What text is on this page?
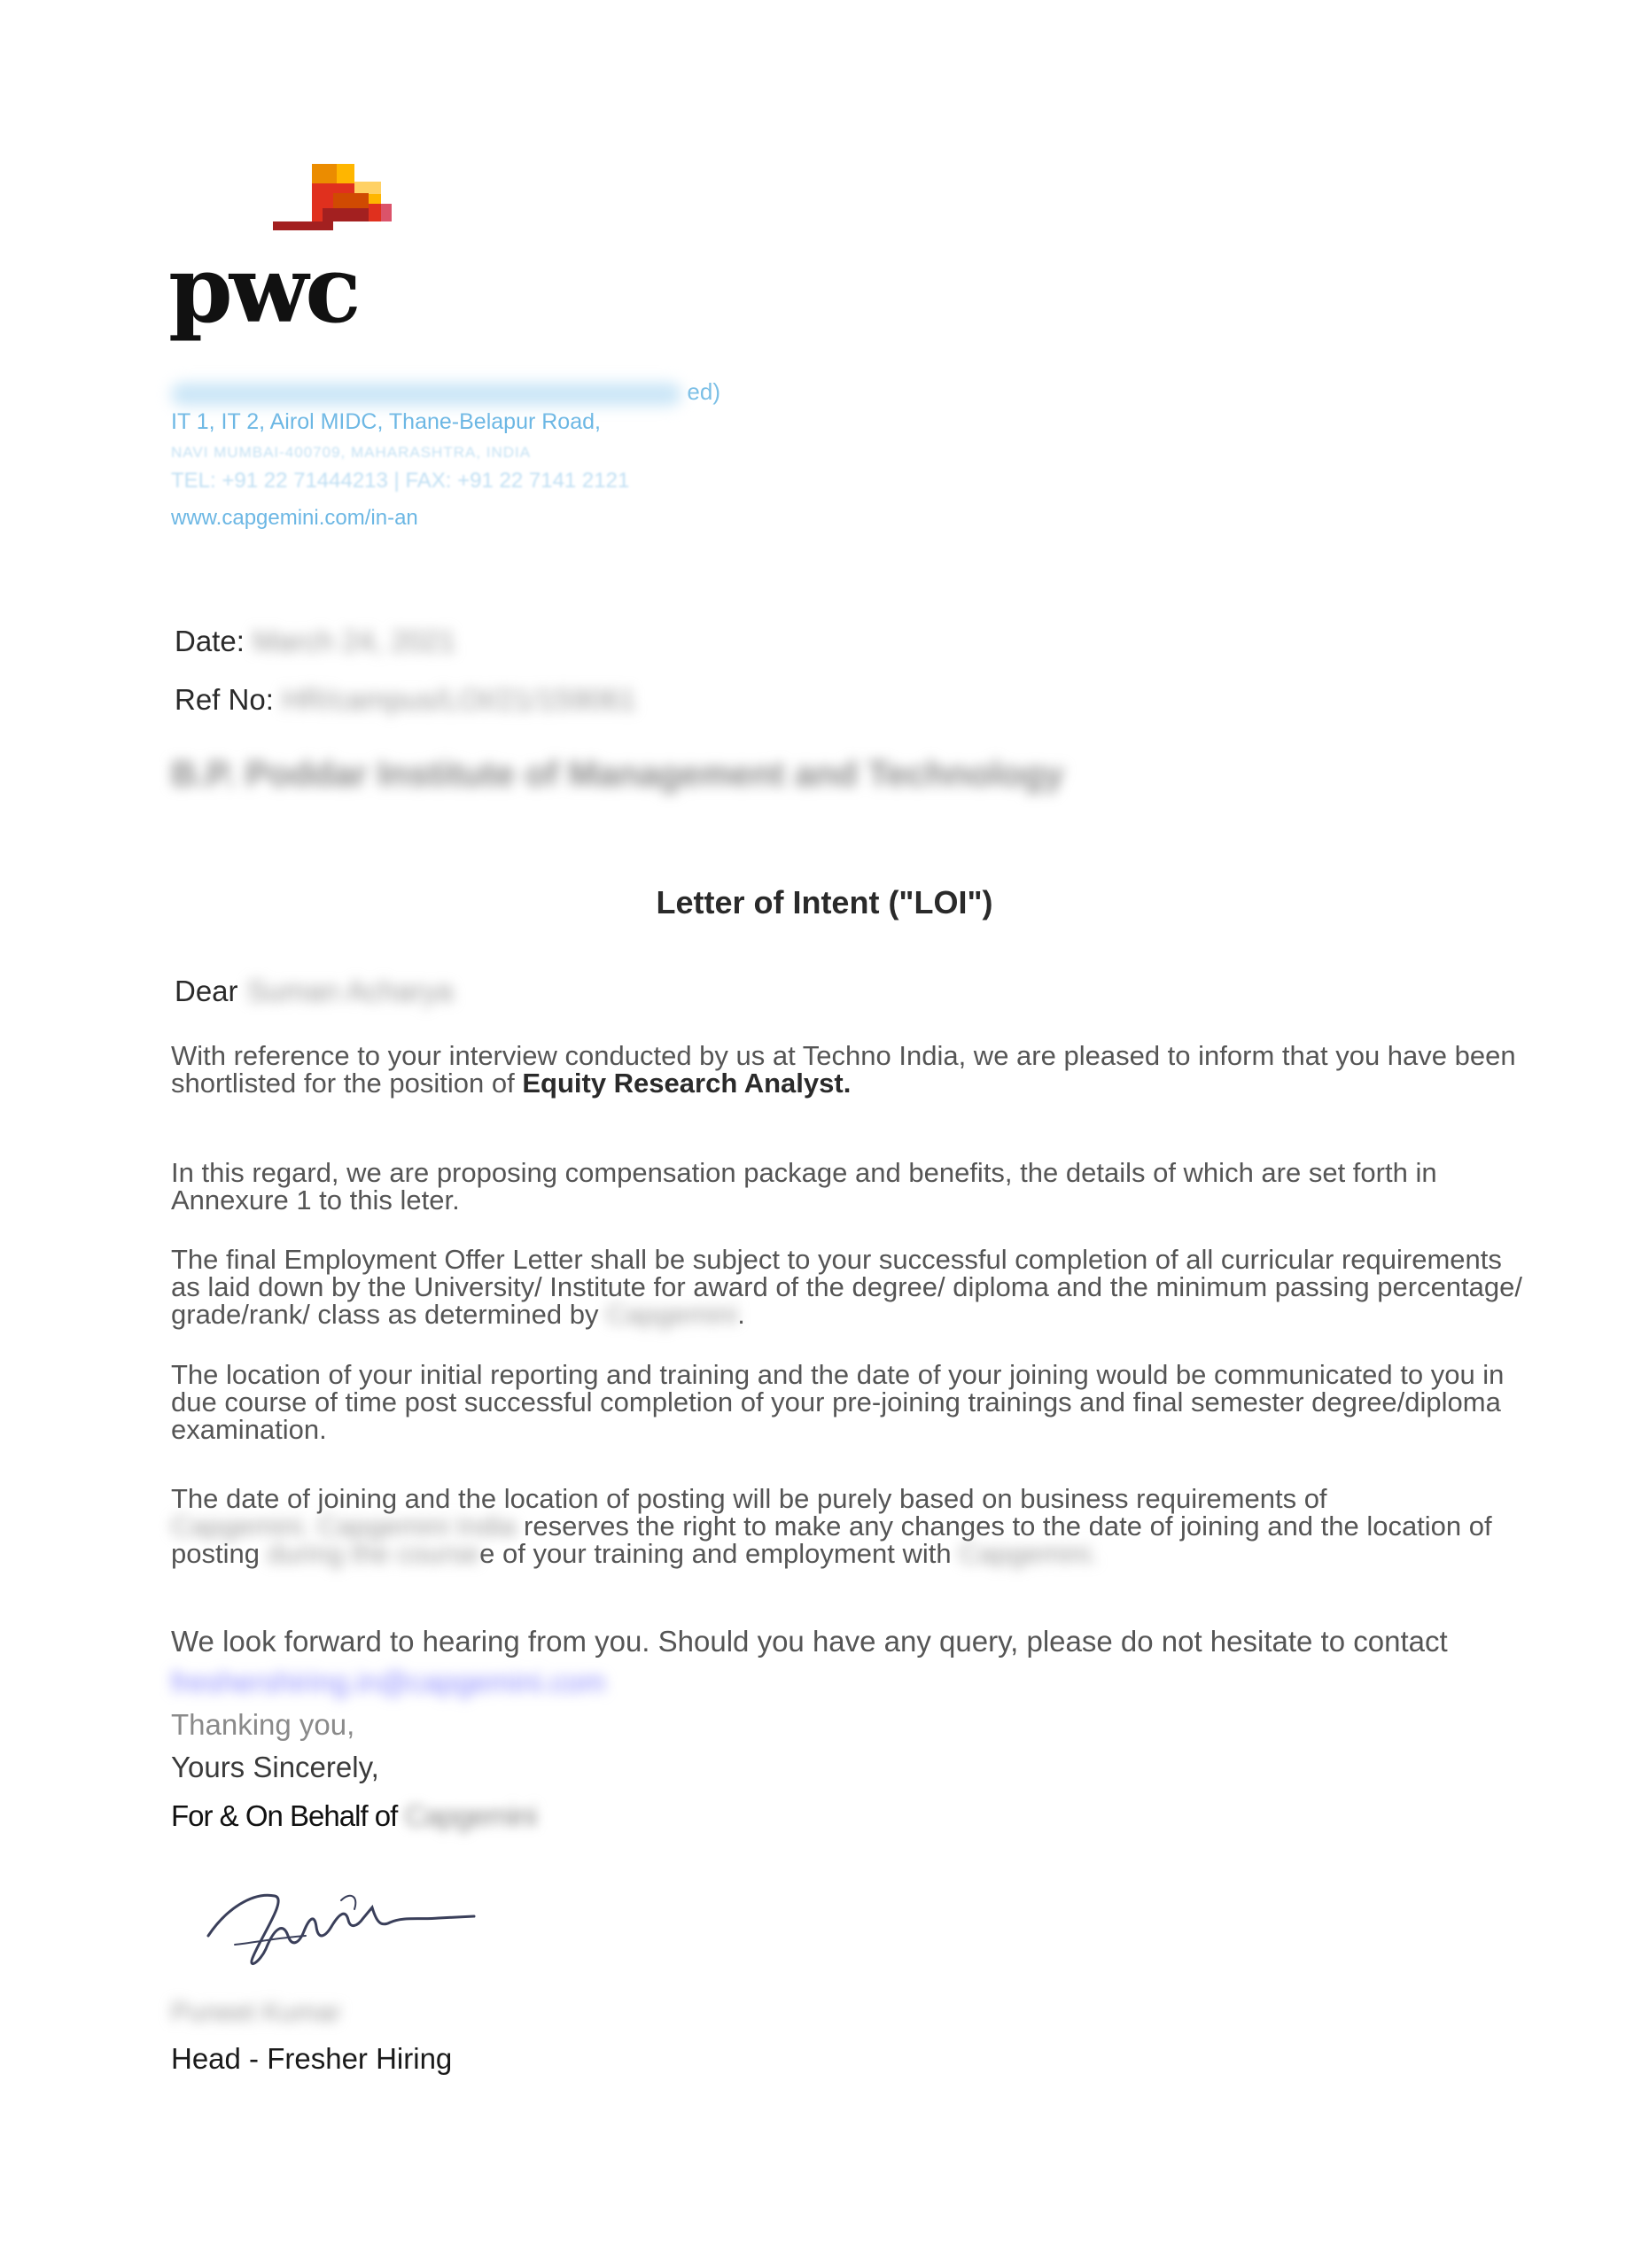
pwc
ed)
IT 1, IT 2, Airol MIDC, Thane-Belapur Road,
NAVI MUMBAI-400709, MAHARASHTRA, INDIA
TEL: +91 22 71444213 | FAX: +91 22 7141 2121
www.capgemini.com/in-an
Date: March 24, 2021
Ref No: HR/campus/LOI/21/159061
B.P. Poddar Institute of Management and Technology
Letter of Intent ("LOI")
Dear Suman Acharya
With reference to your interview conducted by us at Techno India, we are pleased to inform that you have been shortlisted for the position of Equity Research Analyst.
In this regard, we are proposing compensation package and benefits, the details of which are set forth in Annexure 1 to this leter.
The final Employment Offer Letter shall be subject to your successful completion of all curricular requirements as laid down by the University/ Institute for award of the degree/ diploma and the minimum passing percentage/ grade/rank/ class as determined by Capgemini.
The location of your initial reporting and training and the date of your joining would be communicated to you in due course of time post successful completion of your pre-joining trainings and final semester degree/diploma examination.
The date of joining and the location of posting will be purely based on business requirements of Capgemini. Capgemini India reserves the right to make any changes to the date of joining and the location of posting during the coursee of your training and employment with Capgemini.
We look forward to hearing from you. Should you have any query, please do not hesitate to contact freshershiring.in@capgemini.com
Thanking you,
Yours Sincerely,
For & On Behalf of Capgemini
Puneet Kumar
Head - Fresher Hiring
